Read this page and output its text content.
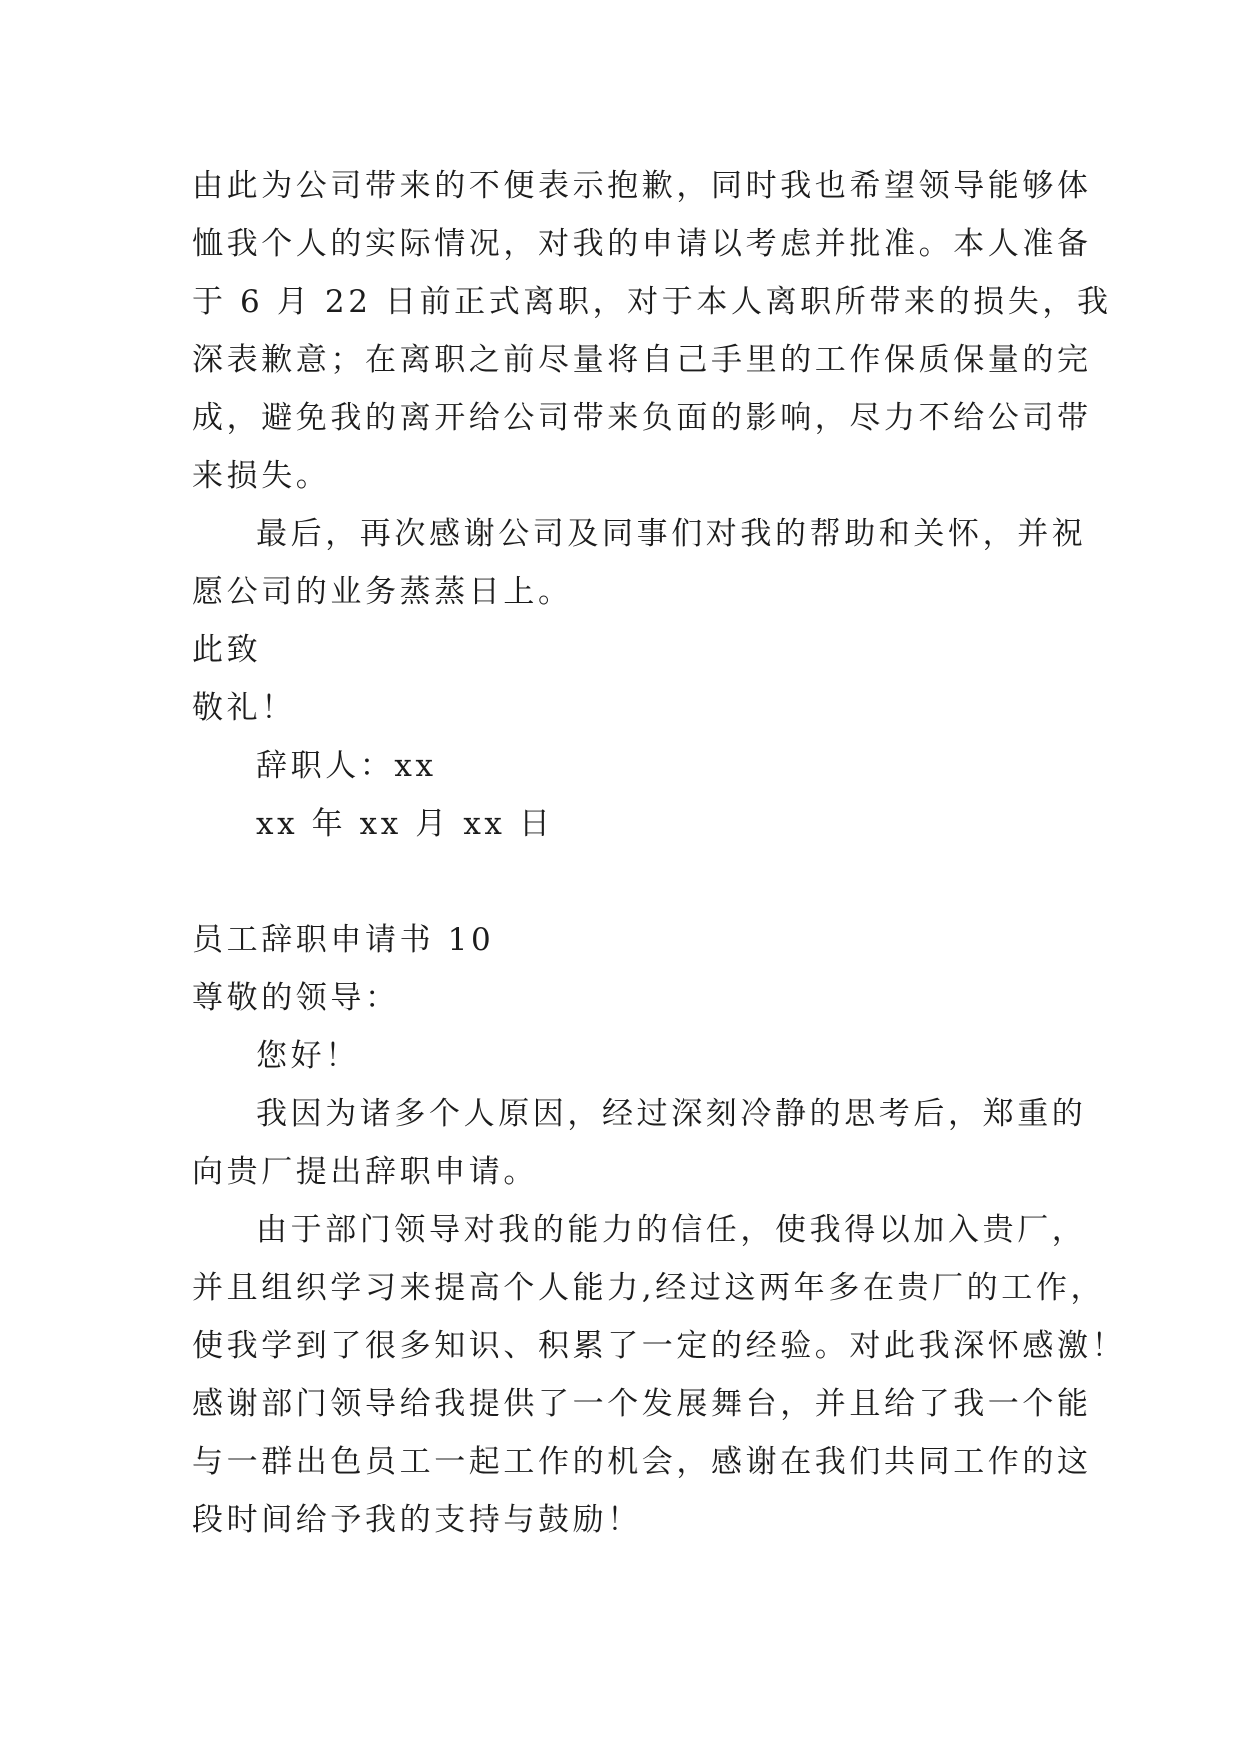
由此为公司带来的不便表示抱歉，同时我也希望领导能够体
恤我个人的实际情况，对我的申请以考虑并批准。本人准备
于 6 月 22 日前正式离职，对于本人离职所带来的损失，我
深表歉意；在离职之前尽量将自己手里的工作保质保量的完
成，避免我的离开给公司带来负面的影响，尽力不给公司带
来损失。
最后，再次感谢公司及同事们对我的帮助和关怀，并祝
愿公司的业务蒸蒸日上。
此致
敬礼！
辞职人：xx
xx 年 xx 月 xx 日
员工辞职申请书 10
尊敬的领导：
您好！
我因为诸多个人原因，经过深刻冷静的思考后，郑重的
向贵厂提出辞职申请。
由于部门领导对我的能力的信任，使我得以加入贵厂，
并且组织学习来提高个人能力,经过这两年多在贵厂的工作，
使我学到了很多知识、积累了一定的经验。对此我深怀感激！
感谢部门领导给我提供了一个发展舞台，并且给了我一个能
与一群出色员工一起工作的机会，感谢在我们共同工作的这
段时间给予我的支持与鼓励！
